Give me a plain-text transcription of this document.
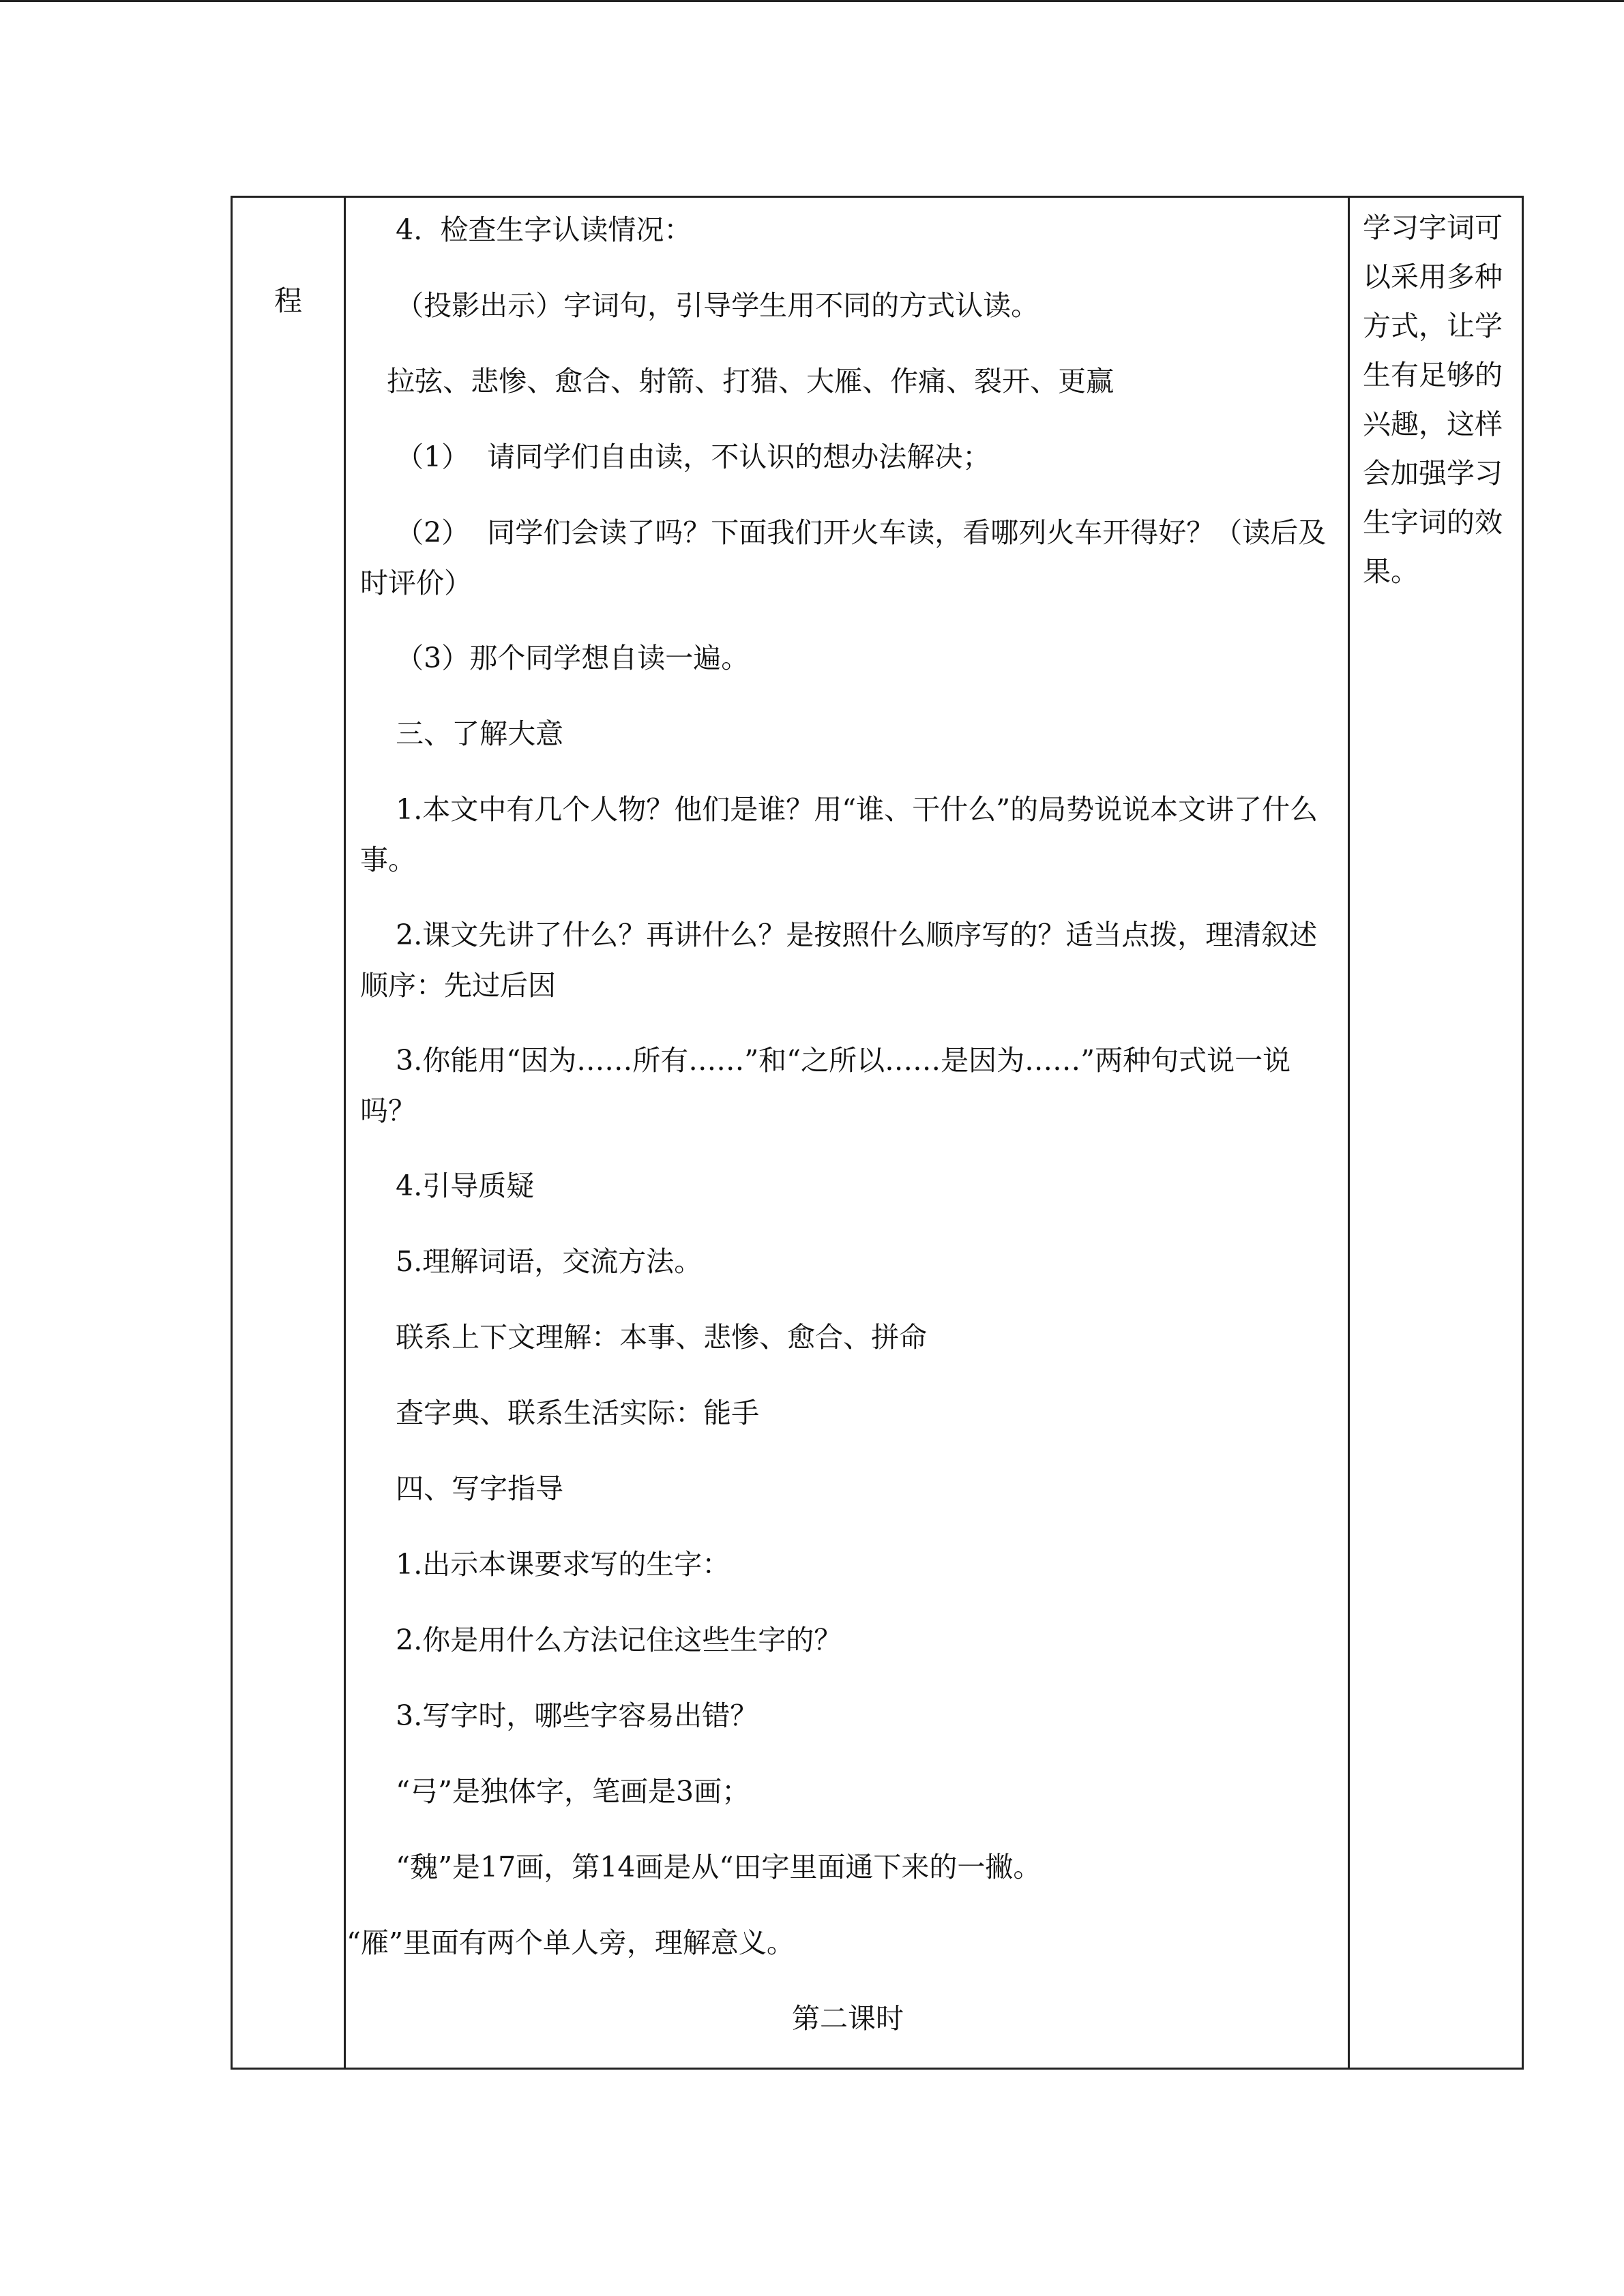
程
4.  检查生字认读情况：
（投影出示）字词句，引导学生用不同的方式认读。
拉弦、悲惨、愈合、射箭、打猎、大雁、作痛、裂开、更赢
（1）  请同学们自由读，不认识的想办法解决；
（2）  同学们会读了吗？下面我们开火车读，看哪列火车开得好？（读后及时评价）
（3）那个同学想自读一遍。
三、了解大意
1.本文中有几个人物？他们是谁？用“谁、干什么”的局势说说本文讲了什么事。
2.课文先讲了什么？再讲什么？是按照什么顺序写的？适当点拨，理清叙述顺序：先过后因
3.你能用“因为……所有……”和“之所以……是因为……”两种句式说一说吗？
4.引导质疑
5.理解词语，交流方法。
联系上下文理解：本事、悲惨、愈合、拼命
查字典、联系生活实际：能手
四、写字指导
1.出示本课要求写的生字：
2.你是用什么方法记住这些生字的？
3.写字时，哪些字容易出错？
“弓”是独体字，笔画是3画；
“魏”是17画，第14画是从“田字里面通下来的一撇。
“雁”里面有两个单人旁，理解意义。
第二课时
学习字词可以采用多种方式，让学生有足够的兴趣，这样会加强学习生字词的效果。
